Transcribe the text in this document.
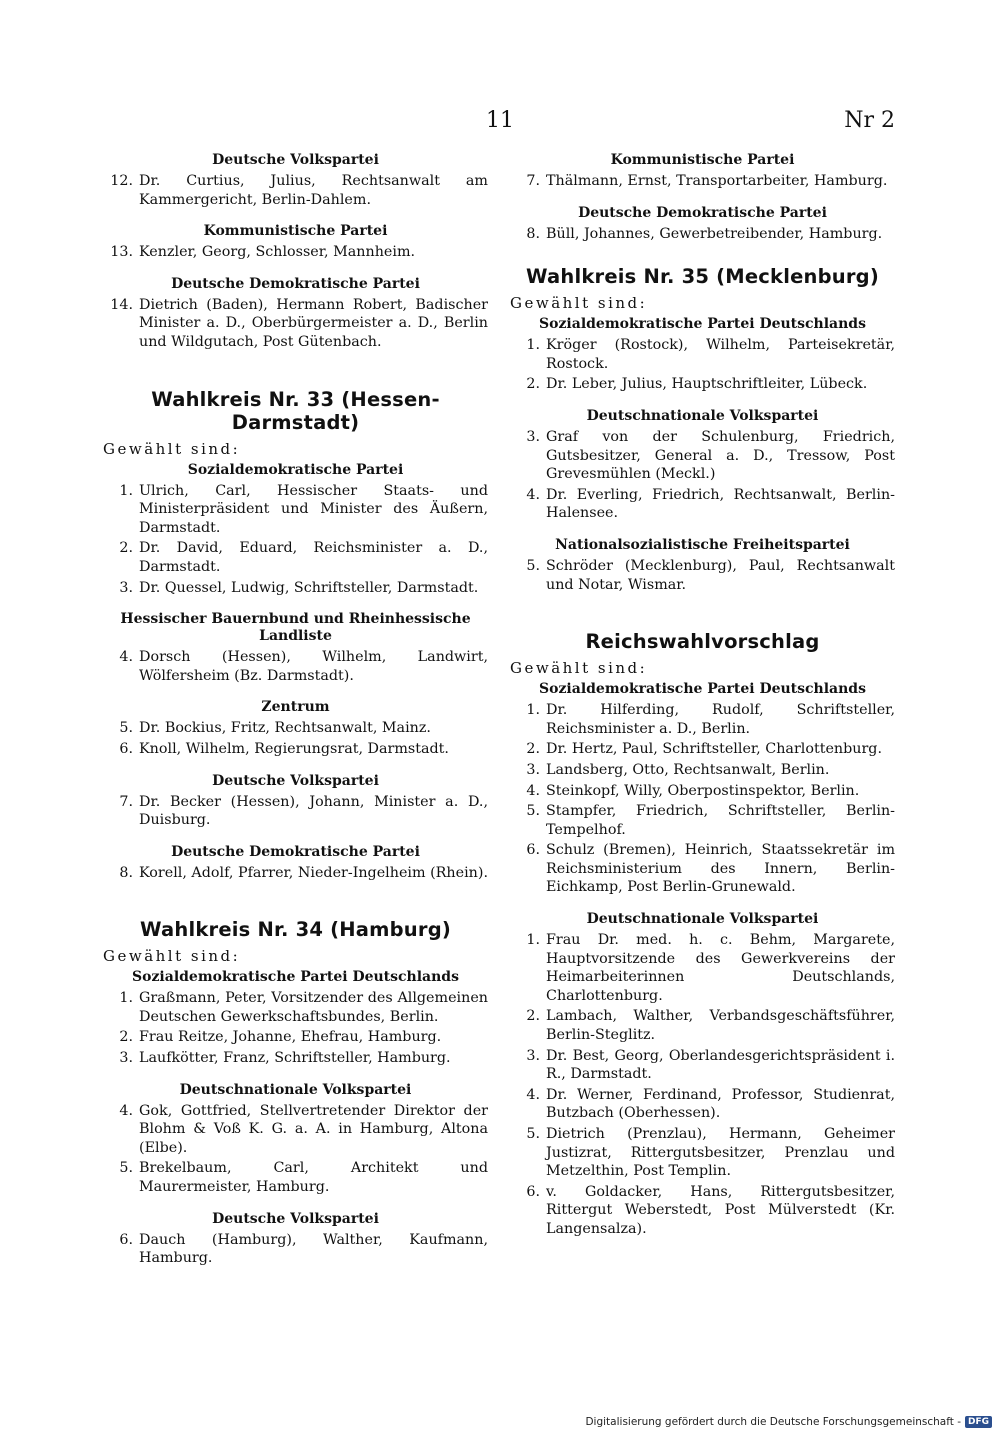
11	Nr 2
Deutsche Volkspartei
12. Dr. Curtius, Julius, Rechtsanwalt am Kammergericht, Berlin-Dahlem.
Kommunistische Partei
13. Kenzler, Georg, Schlosser, Mannheim.
Deutsche Demokratische Partei
14. Dietrich (Baden), Hermann Robert, Badischer Minister a. D., Oberbürgermeister a. D., Berlin und Wildgutach, Post Gütenbach.
Wahlkreis Nr. 33 (Hessen-Darmstadt)
Gewählt sind:
Sozialdemokratische Partei
1. Ulrich, Carl, Hessischer Staats- und Ministerpräsident und Minister des Äußern, Darmstadt.
2. Dr. David, Eduard, Reichsminister a. D., Darmstadt.
3. Dr. Quessel, Ludwig, Schriftsteller, Darmstadt.
Hessischer Bauernbund und Rheinhessische Landliste
4. Dorsch (Hessen), Wilhelm, Landwirt, Wölfersheim (Bz. Darmstadt).
Zentrum
5. Dr. Bockius, Fritz, Rechtsanwalt, Mainz.
6. Knoll, Wilhelm, Regierungsrat, Darmstadt.
Deutsche Volkspartei
7. Dr. Becker (Hessen), Johann, Minister a. D., Duisburg.
Deutsche Demokratische Partei
8. Korell, Adolf, Pfarrer, Nieder-Ingelheim (Rhein).
Wahlkreis Nr. 34 (Hamburg)
Gewählt sind:
Sozialdemokratische Partei Deutschlands
1. Graßmann, Peter, Vorsitzender des Allgemeinen Deutschen Gewerkschaftsbundes, Berlin.
2. Frau Reitze, Johanne, Ehefrau, Hamburg.
3. Laufkötter, Franz, Schriftsteller, Hamburg.
Deutschnationale Volkspartei
4. Gok, Gottfried, Stellvertretender Direktor der Blohm & Voß K. G. a. A. in Hamburg, Altona (Elbe).
5. Brekelbaum, Carl, Architekt und Maurermeister, Hamburg.
Deutsche Volkspartei
6. Dauch (Hamburg), Walther, Kaufmann, Hamburg.
Kommunistische Partei
7. Thälmann, Ernst, Transportarbeiter, Hamburg.
Deutsche Demokratische Partei
8. Büll, Johannes, Gewerbetreibender, Hamburg.
Wahlkreis Nr. 35 (Mecklenburg)
Gewählt sind:
Sozialdemokratische Partei Deutschlands
1. Kröger (Rostock), Wilhelm, Parteisekretär, Rostock.
2. Dr. Leber, Julius, Hauptschriftleiter, Lübeck.
Deutschnationale Volkspartei
3. Graf von der Schulenburg, Friedrich, Gutsbesitzer, General a. D., Tressow, Post Grevesmühlen (Meckl.)
4. Dr. Everling, Friedrich, Rechtsanwalt, Berlin-Halensee.
Nationalsozialistische Freiheitspartei
5. Schröder (Mecklenburg), Paul, Rechtsanwalt und Notar, Wismar.
Reichswahlvorschlag
Gewählt sind:
Sozialdemokratische Partei Deutschlands
1. Dr. Hilferding, Rudolf, Schriftsteller, Reichsminister a. D., Berlin.
2. Dr. Hertz, Paul, Schriftsteller, Charlottenburg.
3. Landsberg, Otto, Rechtsanwalt, Berlin.
4. Steinkopf, Willy, Oberpostinspektor, Berlin.
5. Stampfer, Friedrich, Schriftsteller, Berlin-Tempelhof.
6. Schulz (Bremen), Heinrich, Staatssekretär im Reichsministerium des Innern, Berlin-Eichkamp, Post Berlin-Grunewald.
Deutschnationale Volkspartei
1. Frau Dr. med. h. c. Behm, Margarete, Hauptvorsitzende des Gewerkvereins der Heimarbeiterinnen Deutschlands, Charlottenburg.
2. Lambach, Walther, Verbandsgeschäftsführer, Berlin-Steglitz.
3. Dr. Best, Georg, Oberlandesgerichtspräsident i. R., Darmstadt.
4. Dr. Werner, Ferdinand, Professor, Studienrat, Butzbach (Oberhessen).
5. Dietrich (Prenzlau), Hermann, Geheimer Justizrat, Rittergutsbesitzer, Prenzlau und Metzelthin, Post Templin.
6. v. Goldacker, Hans, Rittergutsbesitzer, Rittergut Weberstedt, Post Mülverstedt (Kr. Langensalza).
Digitalisierung gefördert durch die Deutsche Forschungsgemeinschaft - DFG
